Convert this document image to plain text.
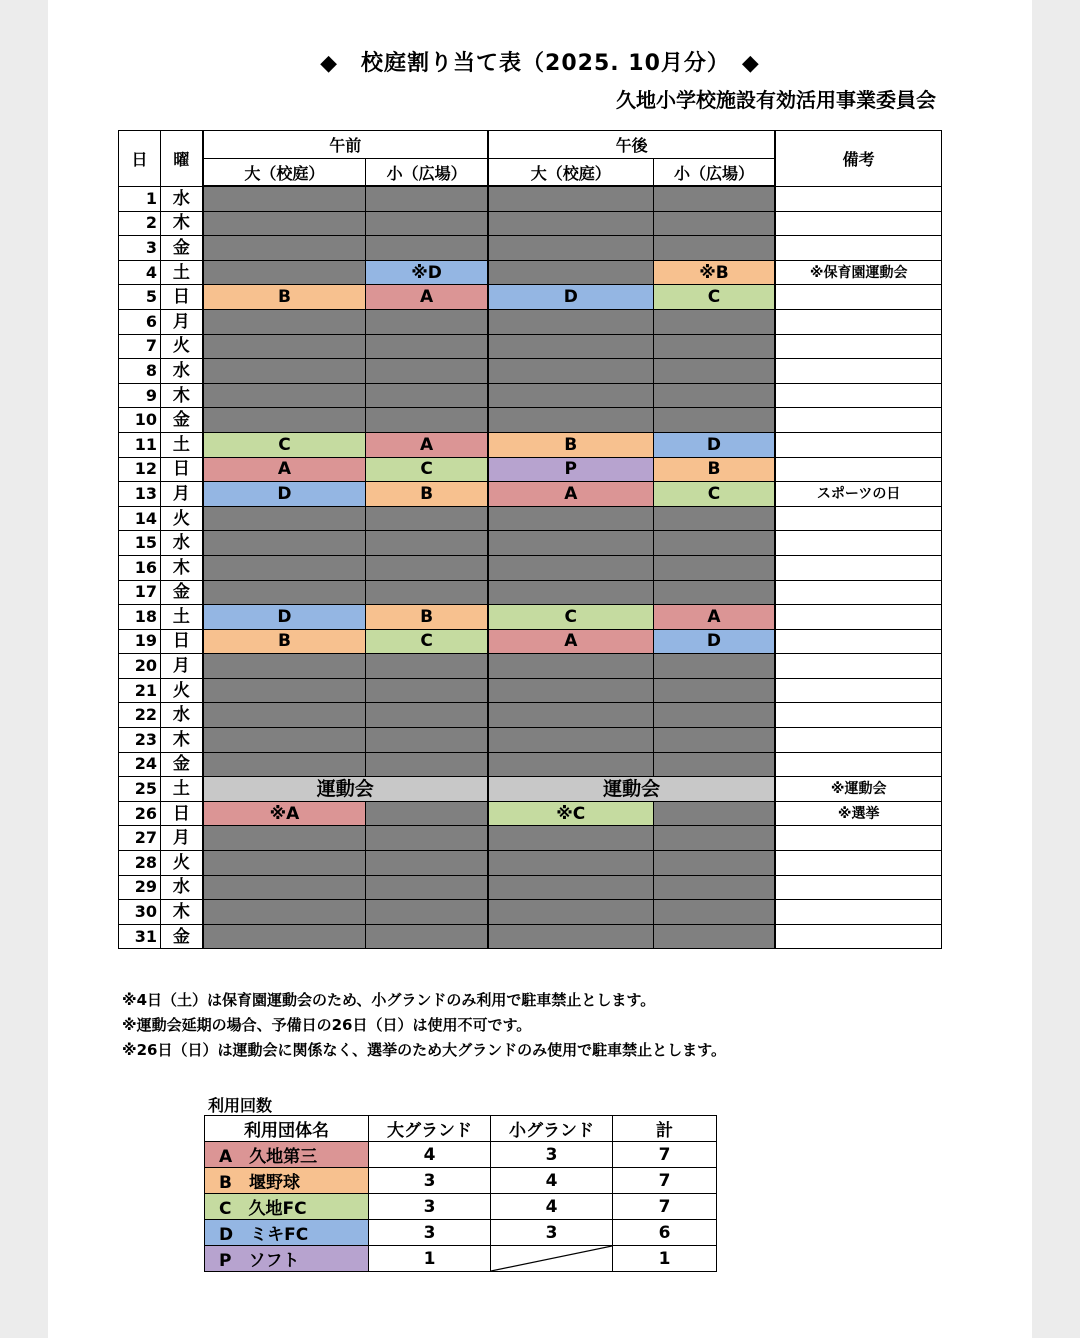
◆　校庭割り当て表（2025. 10月分）　◆
久地小学校施設有効活用事業委員会
日	曜	午前		午後		備考
		大（校庭）	小（広場）	大（校庭）	小（広場）	
1	水					
2	木					
3	金					
4	土		※D		※B	※保育園運動会
5	日	B	A	D	C	
6	月					
7	火					
8	水					
9	木					
10	金					
11	土	C	A	B	D	
12	日	A	C	P	B	
13	月	D	B	A	C	スポーツの日
14	火					
15	水					
16	木					
17	金					
18	土	D	B	C	A	
19	日	B	C	A	D	
20	月					
21	火					
22	水					
23	木					
24	金					
25	土	運動会		運動会		※運動会
26	日	※A		※C		※選挙
27	月					
28	火					
29	水					
30	木					
31	金					
※4日（土）は保育園運動会のため、小グランドのみ利用で駐車禁止とします。
※運動会延期の場合、予備日の26日（日）は使用不可です。
※26日（日）は運動会に関係なく、選挙のため大グランドのみ使用で駐車禁止とします。
利用回数
利用団体名	大グランド	小グランド	計
A　久地第三	4	3	7
B　堰野球	3	4	7
C　久地FC	3	4	7
D　ミキFC	3	3	6
P　ソフト	1		1
